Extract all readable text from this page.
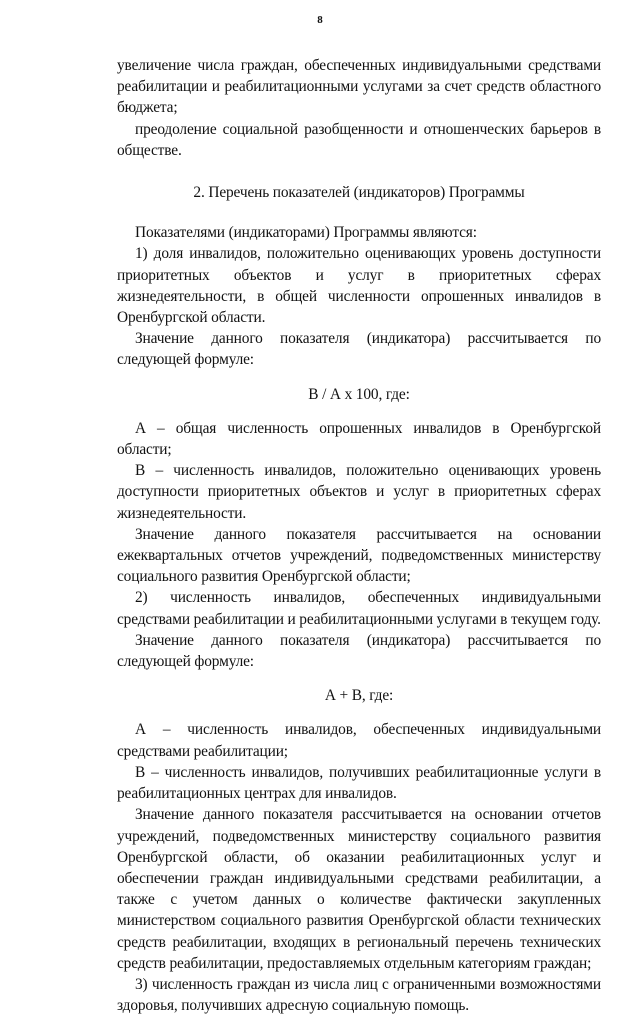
8

увеличение числа граждан, обеспеченных индивидуальными средствами реабилитации и реабилитационными услугами за счет средств областного бюджета;

преодоление социальной разобщенности и отношенческих барьеров в обществе.

2. Перечень показателей (индикаторов) Программы

Показателями (индикаторами) Программы являются:

1) доля инвалидов, положительно оценивающих уровень доступности приоритетных объектов и услуг в приоритетных сферах жизнедеятельности, в общей численности опрошенных инвалидов в Оренбургской области.

Значение данного показателя (индикатора) рассчитывается по следующей формуле:

В / А х 100, где:

А – общая численность опрошенных инвалидов в Оренбургской области;

В – численность инвалидов, положительно оценивающих уровень доступности приоритетных объектов и услуг в приоритетных сферах жизнедеятельности.

Значение данного показателя рассчитывается на основании ежеквартальных отчетов учреждений, подведомственных министерству социального развития Оренбургской области;

2) численность инвалидов, обеспеченных индивидуальными средствами реабилитации и реабилитационными услугами в текущем году.

Значение данного показателя (индикатора) рассчитывается по следующей формуле:

А + В, где:

А – численность инвалидов, обеспеченных индивидуальными средствами реабилитации;

В – численность инвалидов, получивших реабилитационные услуги в реабилитационных центрах для инвалидов.

Значение данного показателя рассчитывается на основании отчетов учреждений, подведомственных министерству социального развития Оренбургской области, об оказании реабилитационных услуг и обеспечении граждан индивидуальными средствами реабилитации, а также с учетом данных о количестве фактически закупленных министерством социального развития Оренбургской области технических средств реабилитации, входящих в региональный перечень технических средств реабилитации, предоставляемых отдельным категориям граждан;

3) численность граждан из числа лиц с ограниченными возможностями здоровья, получивших адресную социальную помощь.
